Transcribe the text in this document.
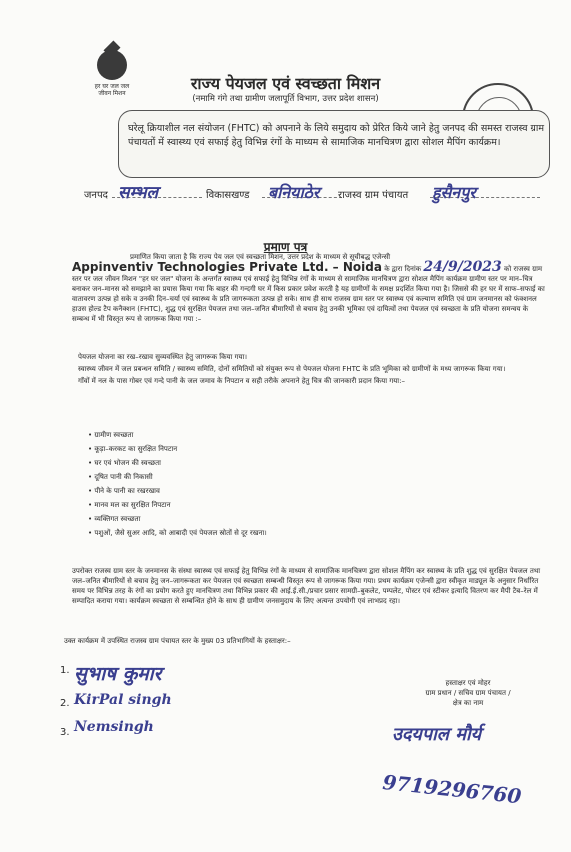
हर घर जल जल जीवन मिशन
राज्य पेयजल एवं स्वच्छता मिशन
(नमामि गंगे तथा ग्रामीण जलापूर्ति विभाग, उत्तर प्रदेश शासन)
घरेलू क्रियाशील नल संयोजन (FHTC) को अपनाने के लिये समुदाय को प्रेरित किये जाने हेतु जनपद की समस्त राजस्व ग्राम पंचायतों में स्वास्थ्य एवं सफाई हेतु विभिन्न रंगों के माध्यम से सामाजिक मानचित्रण द्वारा सोशल मैपिंग कार्यक्रम।
जनपद सम्भल	विकासखण्ड बनियाठेर राजस्व ग्राम पंचायत हुसैनपुर
प्रमाण पत्र
प्रमाणित किया जाता है कि राज्य पेय जल एवं स्वच्छता मिशन, उत्तर प्रदेश के माध्यम से सूचीबद्ध एजेन्सी
Appinventiv Technologies Private Ltd. – Noida के द्वारा दिनांक 24/9/2023 को राजस्व ग्राम स्तर पर जल जीवन मिशन "हर घर जल" योजना के अन्तर्गत स्वास्थ्य एवं सफाई हेतु विभिन्न रंगों के माध्यम से सामाजिक मानचित्रण द्वारा सोशल मैपिंग कार्यक्रम ग्रामीण स्तर पर मान–चित्र बनाकर जन–मानस को समझाने का प्रयास किया गया कि बाहर की गन्दगी घर में किस प्रकार प्रवेश करती है यह ग्रामीणों के समक्ष प्रदर्शित किया गया है। जिससे की हर घर में साफ–सफाई का वातावरण उत्पन्न हो सके व उनकी दिन–चर्या एवं स्वास्थ्य के प्रति जागरूकता उत्पन्न हो सके। साथ ही साथ राजस्व ग्राम स्तर पर स्वास्थ्य एवं कल्याण समिति एवं ग्राम जनमानस को फंक्शनल हाउस होल्ड टैप कनैक्शन (FHTC), शुद्ध एवं सुरक्षित पेयजल तथा जल–जनित बीमारियों से बचाव हेतु उनकी भूमिका एवं दायित्वों तथा पेयजल एवं स्वच्छता के प्रति योजना समन्वय के सम्बन्ध में भी विस्तृत रूप से जागरूक किया गया :–
पेयजल योजना का रख–रखाव सुव्यवस्थित हेतु जागरूक किया गया।
स्वास्थ्य जीवन में जल प्रबन्धन समिति / स्वास्थ्य समिति, दोनों समितियों को संयुक्त रूप से पेयजल योजना FHTC के प्रति भूमिका को ग्रामीणों के मध्य जागरूक किया गया।
गाँवों में नल के पास गोबर एवं गन्दे पानी के जल जमाव के निपटान व सही तरीके अपनाने हेतु चित्र की जानकारी प्रदान किया गया:–
• ग्रामीण स्वच्छता
• कूड़ा–करकट का सुरक्षित निपटान
• घर एवं भोजन की स्वच्छता
• दूषित पानी की निकासी
• पीने के पानी का रखरखाव
• मानव मल का सुरक्षित निपटान
• व्यक्तिगत स्वच्छता
• पशुओं, जैसे सुअर आदि, को आबादी एवं पेयजल स्रोतों से दूर रखना।
उपरोक्त राजस्व ग्राम स्तर के जनमानस के संस्था स्वास्थ्य एवं सफाई हेतु विभिन्न रंगों के माध्यम से सामाजिक मानचित्रण द्वारा सोशल मैपिंग कर स्वास्थ्य के प्रति शुद्ध एवं सुरक्षित पेयजल तथा जल–जनित बीमारियों से बचाव हेतु जन–जागरूकता कर पेयजल एवं स्वच्छता सम्बन्धी विस्तृत रूप से जागरूक किया गया। प्रथम कार्यक्रम एजेन्सी द्वारा स्वीकृत माड्यूल के अनुसार निर्धारित समय पर विभिन्न तरह के रंगों का प्रयोग करते हुए मानचित्रण तथा विभिन्न प्रकार की आई.ई.सी./प्रचार प्रसार सामग्री–बुकलेट, पम्पलेट, पोस्टर एवं स्टीकर इत्यादि वितरण कर मैपी टैब–रेल में सम्पादित कराया गया। कार्यक्रम स्वच्छता से सम्बन्धित होने के साथ ही ग्रामीण जनसमुदाय के लिए अत्यन्त उपयोगी एवं लाभप्रद रहा।
उक्त कार्यक्रम में उपस्थित राजस्व ग्राम पंचायत स्तर के मुख्य 03 प्रतिभागियों के हस्ताक्षर:–
1. सुभाष कुमार
2. KirPal singh
3. Nemsingh
हस्ताक्षर एवं मोहर
ग्राम प्रधान / सचिव ग्राम पंचायत /
क्षेत्र का नाम
उदयपाल मौर्य
9719296760
